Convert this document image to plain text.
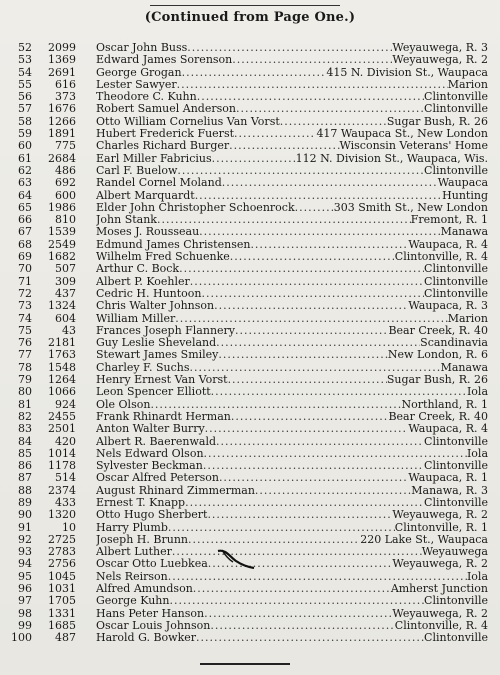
(Continued from Page One.)
52	2099 Oscar John Buss .....	Weyauwega, R. 3
53	1369 Edward James Sorenson .....	Weyauwega, R. 2
54	2691 George Grogan .....	415 N. Division St., Waupaca
55	616 Lester Sawyer .....	Marion
56	373 Theodore C. Kuhn .....	Clintonville
57	1676 Robert Samuel Anderson .....	Clintonville
58	1266 Otto William Cornelius Van Vorst .....	Sugar Bush, R. 26
59	1891 Hubert Frederick Fuerst .....	417 Waupaca St., New London
60	775 Charles Richard Burger .....	Wisconsin Veterans' Home
61	2684 Earl Miller Fabricius .....	112 N. Division St., Waupaca, Wis.
62	486 Carl F. Buelow .....	Clintonville
63	692 Randel Cornel Moland .....	Waupaca
64	600 Albert Marquardt .....	Hunting
65	1986 Elder John Christopher Schoenrock .....	303 Smith St., New London
66	810 John Stank .....	Fremont, R. 1
67	1539 Moses J. Rousseau .....	Manawa
68	2549 Edmund James Christensen .....	Waupaca, R. 4
69	1682 Wilhelm Fred Schuenke .....	Clintonville, R. 4
70	507 Arthur C. Bock .....	Clintonville
71	309 Albert P. Koehler .....	Clintonville
72	437 Cedric H. Huntoon .....	Clintonville
73	1324 Chris Walter Johnson .....	Waupaca, R. 3
74	604 William Miller .....	Marion
75	43 Frances Joseph Flannery .....	Bear Creek, R. 40
76	2181 Guy Leslie Sheveland .....	Scandinavia
77	1763 Stewart James Smiley .....	New London, R. 6
78	1548 Charley F. Suchs .....	Manawa
79	1264 Henry Ernest Van Vorst .....	Sugar Bush, R. 26
80	1066 Leon Spencer Elliott .....	Iola
81	924 Ole Olson .....	Northland, R. 1
82	2455 Frank Rhinardt Herman .....	Bear Creek, R. 40
83	2501 Anton Walter Burry .....	Waupaca, R. 4
84	420 Albert R. Baerenwald .....	Clintonville
85	1014 Nels Edward Olson .....	Iola
86	1178 Sylvester Beckman .....	Clintonville
87	514 Oscar Alfred Peterson .....	Waupaca, R. 1
88	2374 August Rhinard Zimmerman .....	Manawa, R. 3
89	433 Ernest T. Knapp .....	Clintonville
90	1320 Otto Hugo Sherbert .....	Weyauwega, R. 2
91	10 Harry Plumb .....	Clintonville, R. 1
92	2725 Joseph H. Brunn .....	220 Lake St., Waupaca
93	2783 Albert Luther .....	Weyauwega
94	2756 Oscar Otto Luebkea .....	Weyauwega, R. 2
95	1045 Nels Reirson .....	Iola
96	1031 Alfred Amundson .....	Amherst Junction
97	1705 George Kuhn .....	Clintonville
98	1331 Hans Peter Hanson .....	Weyauwega, R. 2
99	1685 Oscar Louis Johnson .....	Clintonville, R. 4
100	487 Harold G. Bowker .....	Clintonville
